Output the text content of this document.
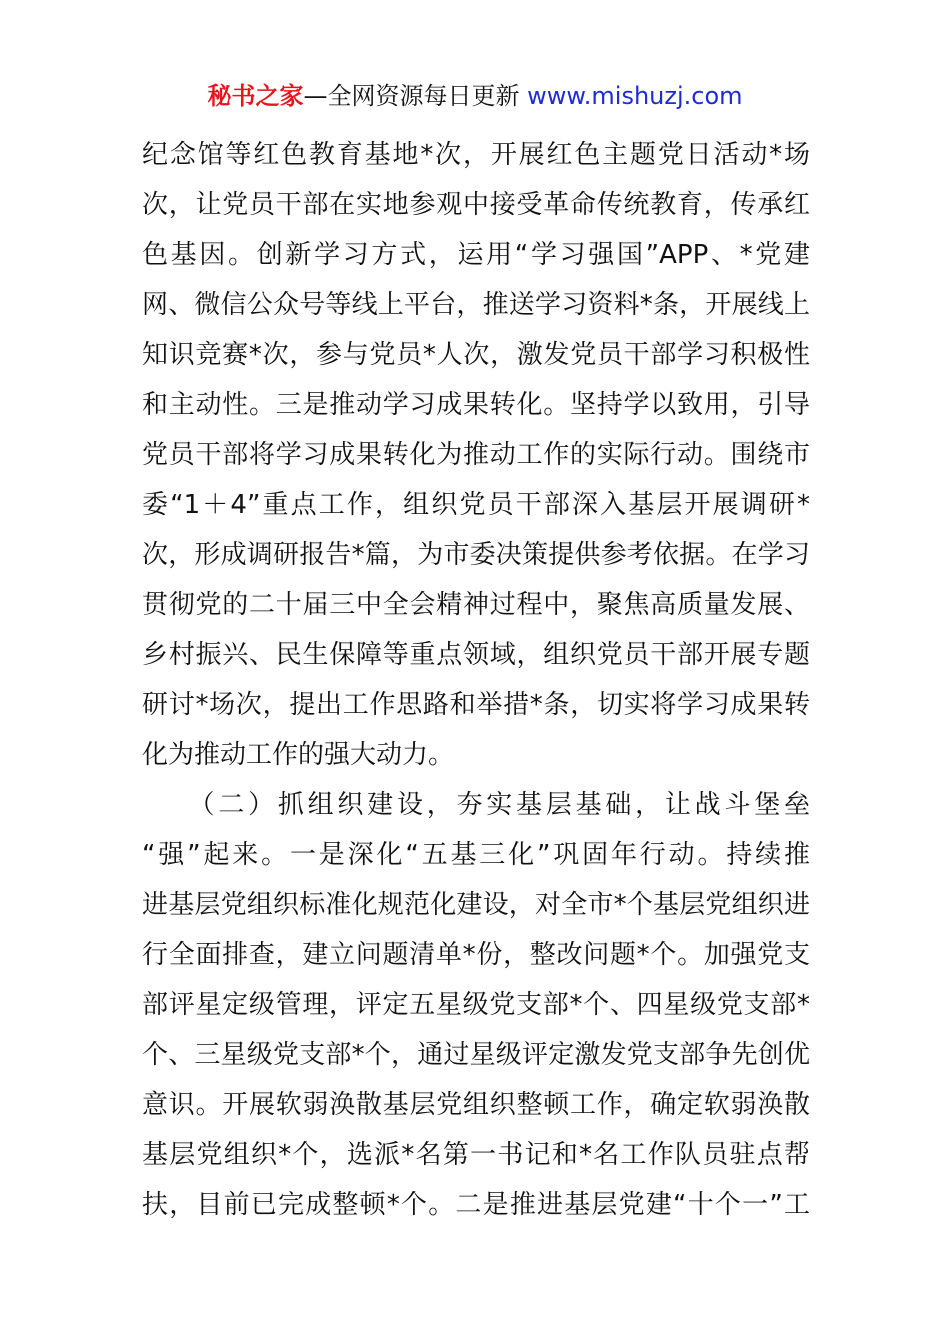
秘书之家—全网资源每日更新 www.mishuzj.com
纪念馆等红色教育基地*次，开展红色主题党日活动*场
次，让党员干部在实地参观中接受革命传统教育，传承红
色基因。创新学习方式，运用“学习强国”APP、*党建
网、微信公众号等线上平台，推送学习资料*条，开展线上
知识竞赛*次，参与党员*人次，激发党员干部学习积极性
和主动性。三是推动学习成果转化。坚持学以致用，引导
党员干部将学习成果转化为推动工作的实际行动。围绕市
委“1＋4”重点工作，组织党员干部深入基层开展调研*
次，形成调研报告*篇，为市委决策提供参考依据。在学习
贯彻党的二十届三中全会精神过程中，聚焦高质量发展、
乡村振兴、民生保障等重点领域，组织党员干部开展专题
研讨*场次，提出工作思路和举措*条，切实将学习成果转
化为推动工作的强大动力。
　　（二）抓组织建设，夯实基层基础，让战斗堡垒
“强”起来。一是深化“五基三化”巩固年行动。持续推
进基层党组织标准化规范化建设，对全市*个基层党组织进
行全面排查，建立问题清单*份，整改问题*个。加强党支
部评星定级管理，评定五星级党支部*个、四星级党支部*
个、三星级党支部*个，通过星级评定激发党支部争先创优
意识。开展软弱涣散基层党组织整顿工作，确定软弱涣散
基层党组织*个，选派*名第一书记和*名工作队员驻点帮
扶，目前已完成整顿*个。二是推进基层党建“十个一”工
